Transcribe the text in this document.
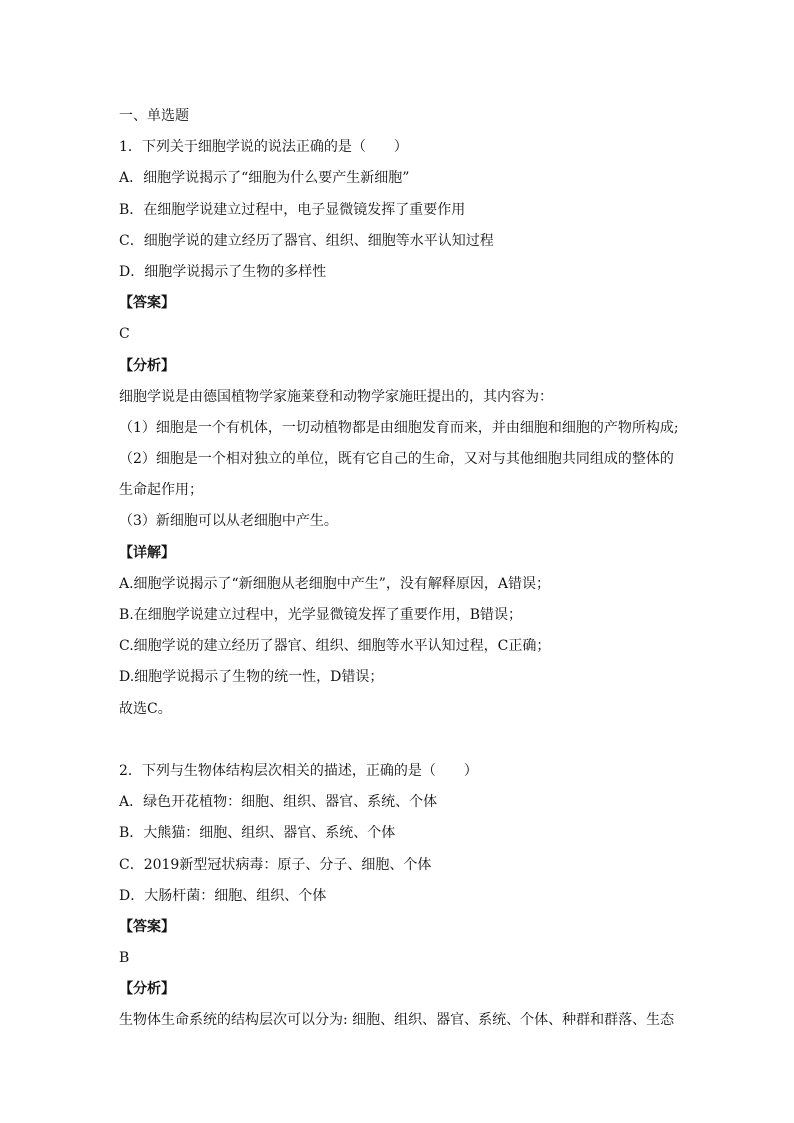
一、单选题
1．下列关于细胞学说的说法正确的是（　　）
A．细胞学说揭示了“细胞为什么要产生新细胞”
B．在细胞学说建立过程中，电子显微镜发挥了重要作用
C．细胞学说的建立经历了器官、组织、细胞等水平认知过程
D．细胞学说揭示了生物的多样性
【答案】
C
【分析】
细胞学说是由德国植物学家施莱登和动物学家施旺提出的，其内容为：
（1）细胞是一个有机体，一切动植物都是由细胞发育而来，并由细胞和细胞的产物所构成;
（2）细胞是一个相对独立的单位，既有它自己的生命，又对与其他细胞共同组成的整体的
生命起作用；
（3）新细胞可以从老细胞中产生。
【详解】
A.细胞学说揭示了“新细胞从老细胞中产生”，没有解释原因，A错误；
B.在细胞学说建立过程中，光学显微镜发挥了重要作用，B错误；
C.细胞学说的建立经历了器官、组织、细胞等水平认知过程，C正确；
D.细胞学说揭示了生物的统一性，D错误；
故选C。
2．下列与生物体结构层次相关的描述，正确的是（　　）
A．绿色开花植物：细胞、组织、器官、系统、个体
B．大熊猫：细胞、组织、器官、系统、个体
C．2019新型冠状病毒：原子、分子、细胞、个体
D．大肠杆菌：细胞、组织、个体
【答案】
B
【分析】
生物体生命系统的结构层次可以分为: 细胞、组织、器官、系统、个体、种群和群落、生态
